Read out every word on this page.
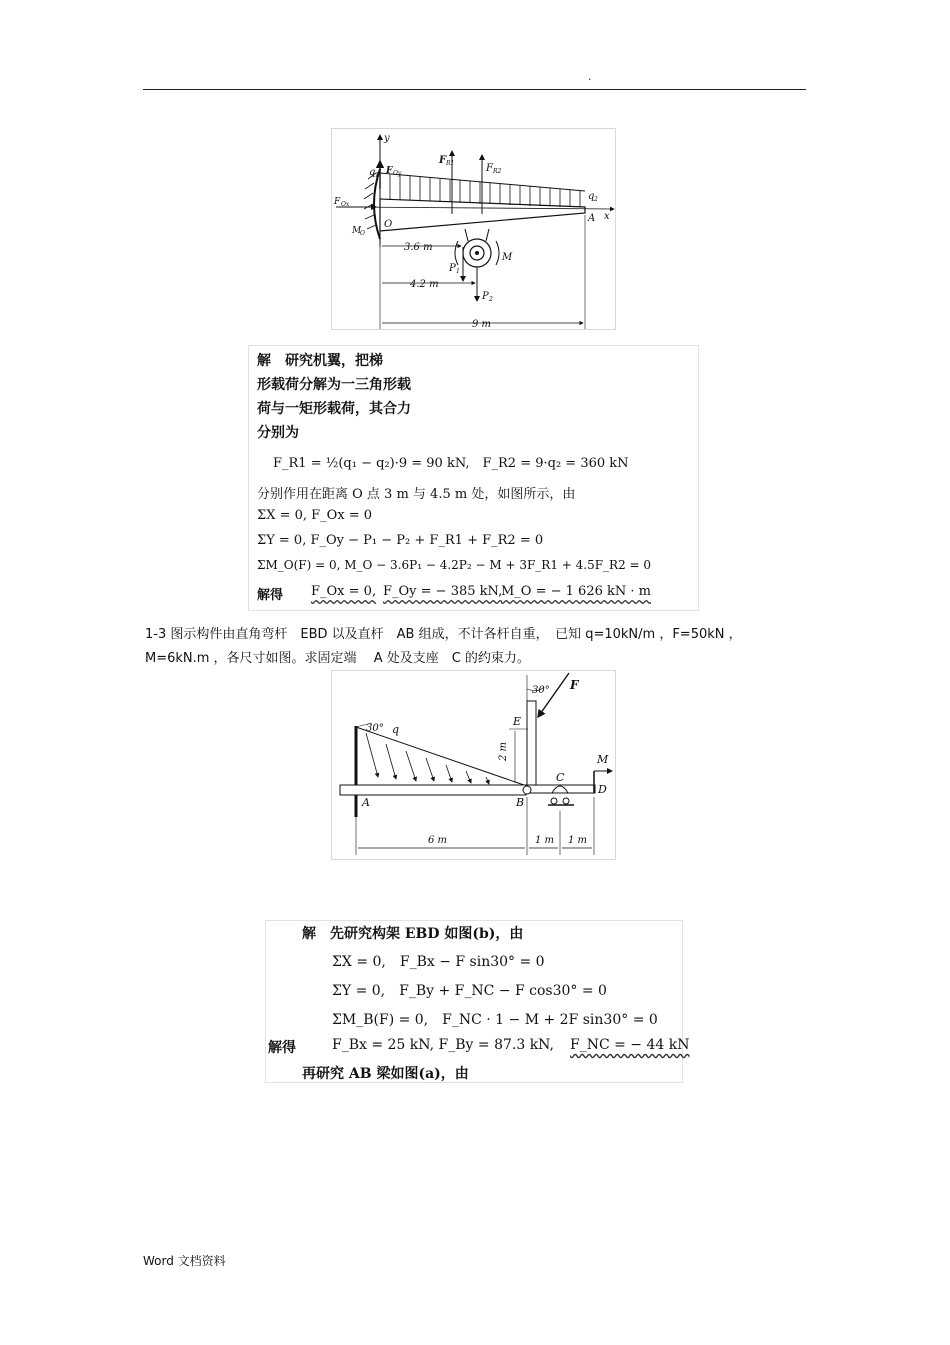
.
y
x
A
O
F Ox
F Oy
F R1	F R2
q 1
q 2
M
O
M
P 1
P 2
3.6 m
4.2 m
9 m
解　研究机翼，把梯
形载荷分解为一三角形载
荷与一矩形载荷，其合力
分别为
F_R1 = ½(q₁ − q₂)·9 = 90 kN,　F_R2 = 9·q₂ = 360 kN
分别作用在距离 O 点 3 m 与 4.5 m 处，如图所示，由
ΣX = 0, F_Ox = 0
ΣY = 0, F_Oy − P₁ − P₂ + F_R1 + F_R2 = 0
ΣM_O(F) = 0, M_O − 3.6P₁ − 4.2P₂ − M + 3F_R1 + 4.5F_R2 = 0
解得 F_Ox = 0, F_Oy = − 385 kN,
M_O = − 1 626 kN · m
1-3 图示构件由直角弯杆　EBD 以及直杆　AB 组成，不计各杆自重，　已知 q=10kN/m ，F=50kN ，
M=6kN.m ，各尺寸如图。求固定端　 A 处及支座　C 的约束力。
30° q
30° F
E
2 m	M
C
D
A	B
6 m	1 m 1 m
解　先研究构架 EBD 如图(b)，由
ΣX = 0,　F_Bx − F sin30° = 0
ΣY = 0,　F_By + F_NC − F cos30° = 0
ΣM_B(F) = 0,　F_NC · 1 − M + 2F sin30° = 0
解得	F_Bx = 25 kN, F_By = 87.3 kN, F_NC = − 44 kN
再研究 AB 梁如图(a)，由
Word 文档资料
